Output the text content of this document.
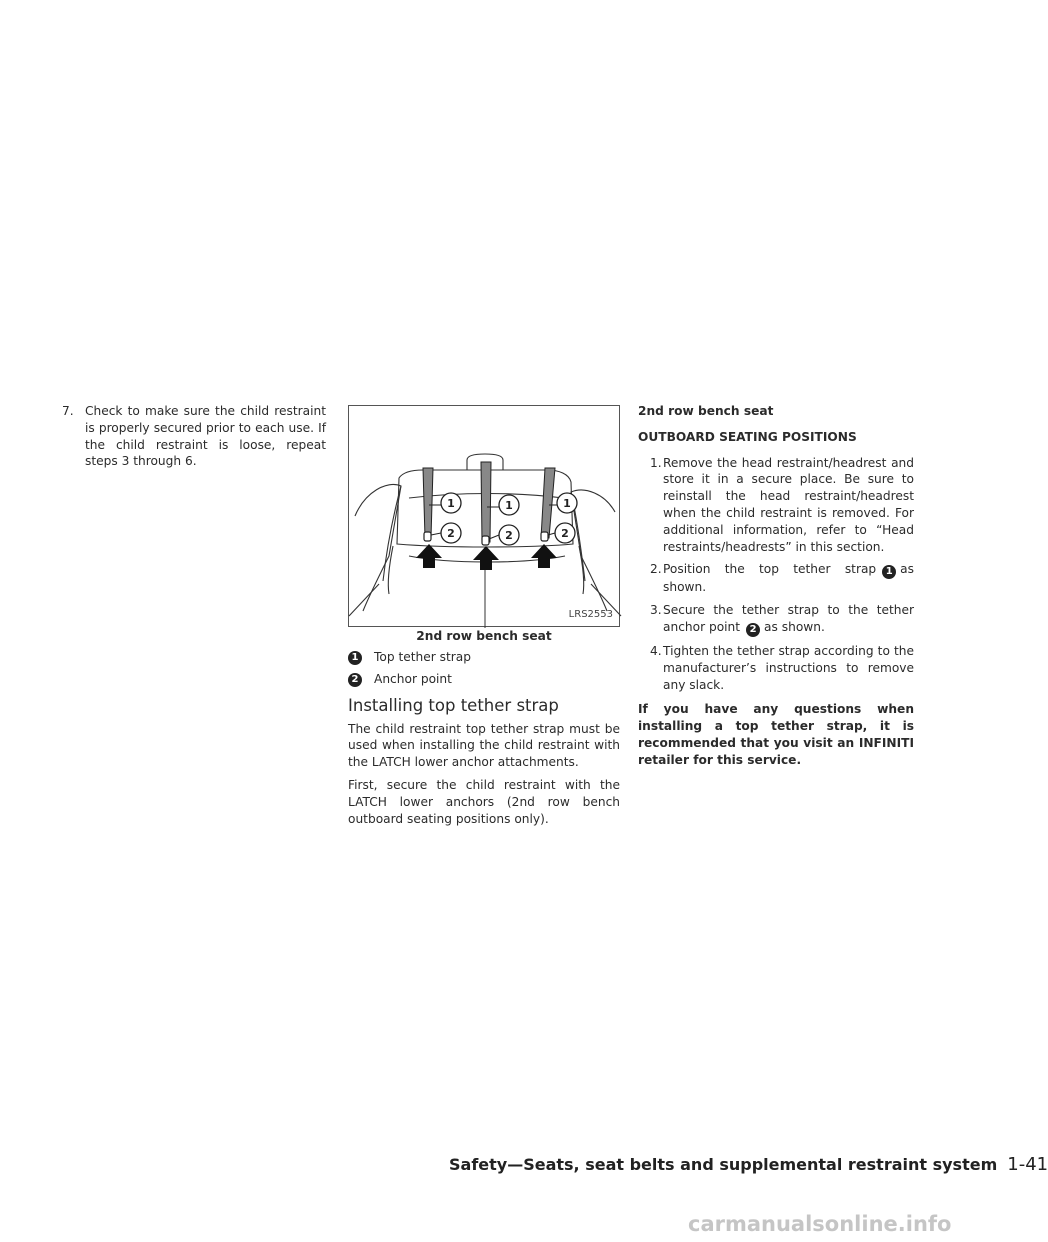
7. Check to make sure the child restraint is properly secured prior to each use. If the child restraint is loose, repeat steps 3 through 6.
1	1	1
2	2	2
LRS2553
2nd row bench seat
1 Top tether strap
2 Anchor point
Installing top tether strap

The child restraint top tether strap must be used when installing the child restraint with the LATCH lower anchor attachments.

First, secure the child restraint with the LATCH lower anchors (2nd row bench outboard seating positions only).

2nd row bench seat
OUTBOARD SEATING POSITIONS
1. Remove the head restraint/headrest and store it in a secure place. Be sure to reinstall the head restraint/headrest when the child restraint is removed. For additional information, refer to “Head restraints/headrests” in this section.
2. Position the top tether strap 1 as shown.
3. Secure the tether strap to the tether anchor point 2 as shown.
4. Tighten the tether strap according to the manufacturer’s instructions to remove any slack.

If you have any questions when installing a top tether strap, it is recommended that you visit an INFINITI retailer for this service.

Safety—Seats, seat belts and supplemental restraint system 1-41
carmanualsonline.info
